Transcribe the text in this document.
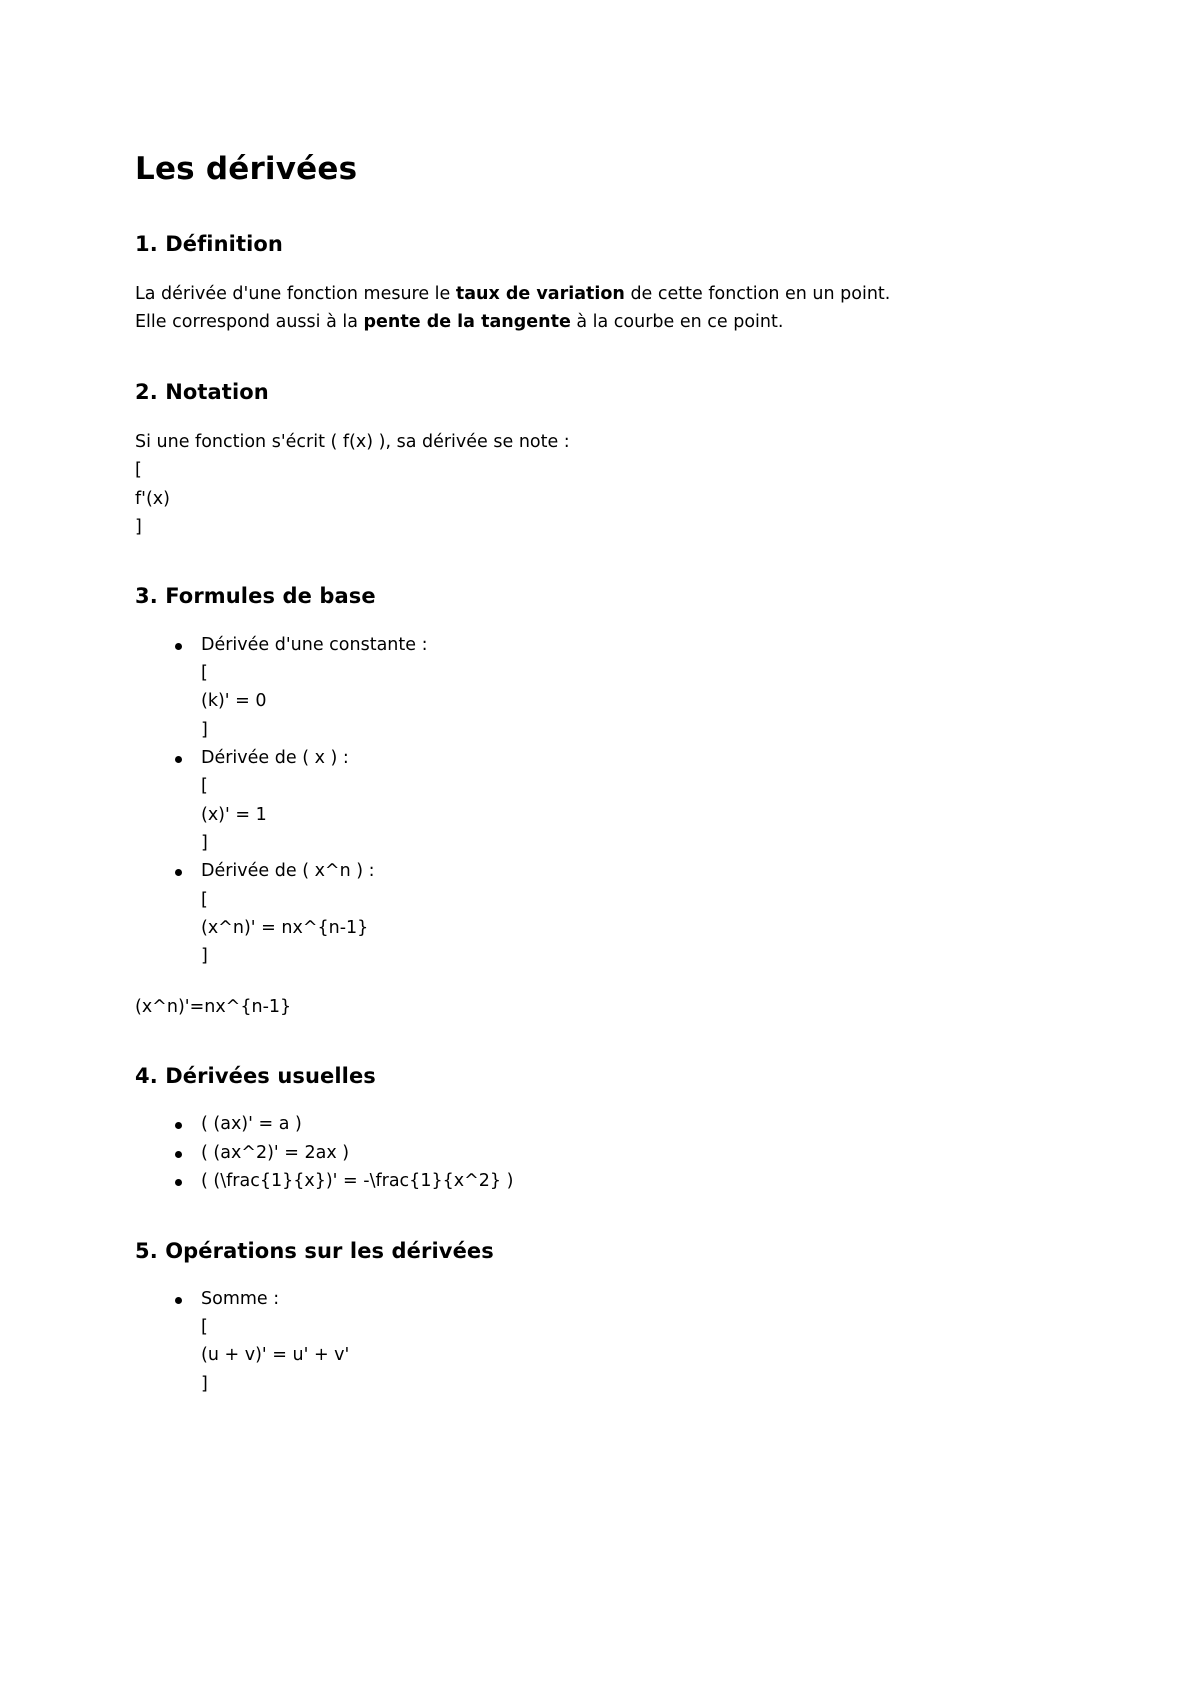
Les dérivées
1. Définition

La dérivée d'une fonction mesure le taux de variation de cette fonction en un point.

Elle correspond aussi à la pente de la tangente à la courbe en ce point.

2. Notation
Si une fonction s'écrit ( f(x) ), sa dérivée se note :
[
f'(x)
]
3. Formules de base
Dérivée d'une constante :
[
(k)' = 0
]
Dérivée de ( x ) :
[
(x)' = 1
]
Dérivée de ( x^n ) :
[
(x^n)' = nx^{n-1}
]
(x^n)'=nx^{n-1}
4. Dérivées usuelles
( (ax)' = a )
( (ax^2)' = 2ax )
( (\frac{1}{x})' = -\frac{1}{x^2} )
5. Opérations sur les dérivées
Somme :
[
(u + v)' = u' + v'
]
